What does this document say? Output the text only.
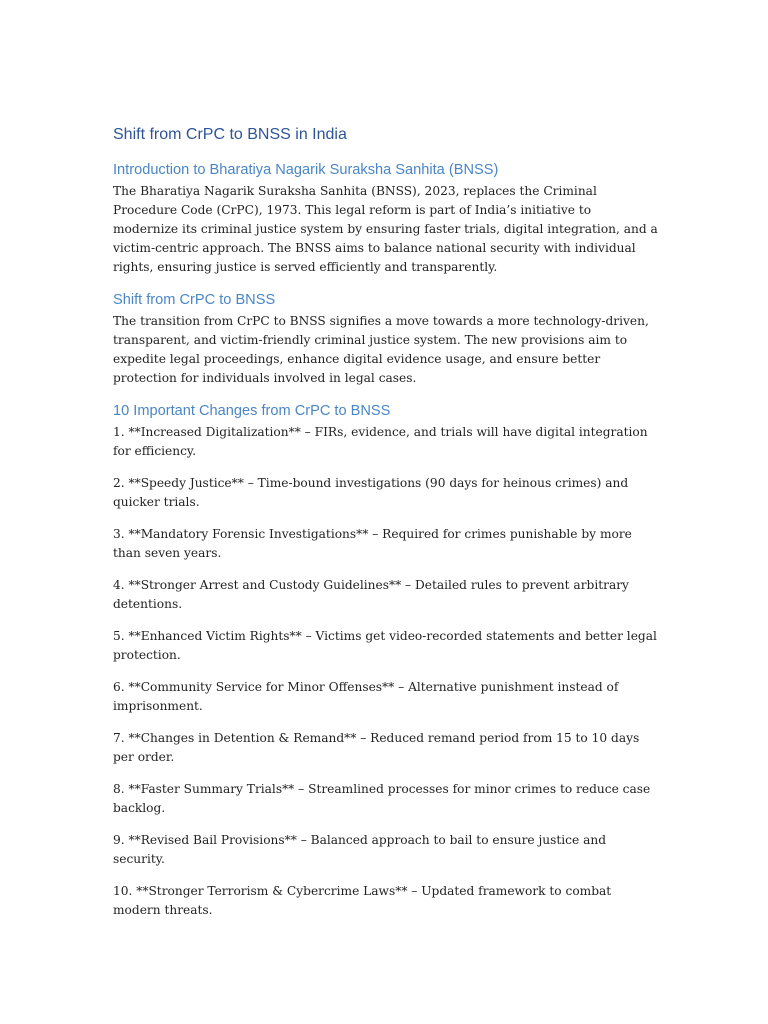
Shift from CrPC to BNSS in India
Introduction to Bharatiya Nagarik Suraksha Sanhita (BNSS)

The Bharatiya Nagarik Suraksha Sanhita (BNSS), 2023, replaces the Criminal Procedure Code (CrPC), 1973. This legal reform is part of India’s initiative to modernize its criminal justice system by ensuring faster trials, digital integration, and a victim-centric approach. The BNSS aims to balance national security with individual rights, ensuring justice is served efficiently and transparently.

Shift from CrPC to BNSS

The transition from CrPC to BNSS signifies a move towards a more technology-driven, transparent, and victim-friendly criminal justice system. The new provisions aim to expedite legal proceedings, enhance digital evidence usage, and ensure better protection for individuals involved in legal cases.

10 Important Changes from CrPC to BNSS

1. **Increased Digitalization** – FIRs, evidence, and trials will have digital integration for efficiency.

2. **Speedy Justice** – Time-bound investigations (90 days for heinous crimes) and quicker trials.

3. **Mandatory Forensic Investigations** – Required for crimes punishable by more than seven years.

4. **Stronger Arrest and Custody Guidelines** – Detailed rules to prevent arbitrary detentions.

5. **Enhanced Victim Rights** – Victims get video-recorded statements and better legal protection.

6. **Community Service for Minor Offenses** – Alternative punishment instead of imprisonment.

7. **Changes in Detention & Remand** – Reduced remand period from 15 to 10 days per order.

8. **Faster Summary Trials** – Streamlined processes for minor crimes to reduce case backlog.

9. **Revised Bail Provisions** – Balanced approach to bail to ensure justice and security.

10. **Stronger Terrorism & Cybercrime Laws** – Updated framework to combat modern threats.
